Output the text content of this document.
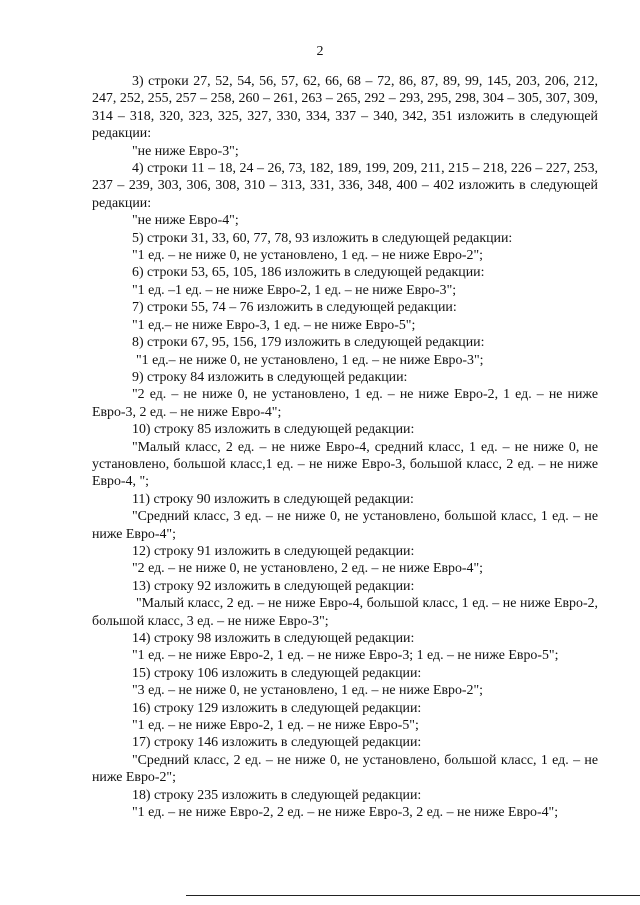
2

3) строки 27, 52, 54, 56, 57, 62, 66, 68 – 72, 86, 87, 89, 99, 145, 203, 206, 212, 247, 252, 255, 257 – 258, 260 – 261, 263 – 265, 292 – 293, 295, 298, 304 – 305, 307, 309, 314 – 318, 320, 323, 325, 327, 330, 334, 337 – 340, 342, 351 изложить в следующей редакции:

"не ниже Евро-3";

4) строки 11 – 18, 24 – 26, 73, 182, 189, 199, 209, 211, 215 – 218, 226 – 227, 253, 237 – 239, 303, 306, 308, 310 – 313, 331, 336, 348, 400 – 402 изложить в следующей редакции:

"не ниже Евро-4";

5) строки 31, 33, 60, 77, 78, 93 изложить в следующей редакции:

"1 ед. – не ниже 0, не установлено, 1 ед. – не ниже Евро-2";

6) строки 53, 65, 105, 186 изложить в следующей редакции:

"1 ед. –1 ед. – не ниже Евро-2, 1 ед. – не ниже Евро-3";

7) строки 55, 74 – 76 изложить в следующей редакции:

"1 ед.– не ниже Евро-3, 1 ед. – не ниже Евро-5";

8) строки 67, 95, 156, 179 изложить в следующей редакции:

"1 ед.– не ниже 0, не установлено, 1 ед. – не ниже Евро-3";

9) строку 84 изложить в следующей редакции:

"2 ед. – не ниже 0, не установлено, 1 ед. – не ниже Евро-2, 1 ед. – не ниже Евро-3, 2 ед. – не ниже Евро-4";

10) строку 85 изложить в следующей редакции:

"Малый класс, 2 ед. – не ниже Евро-4, средний класс, 1 ед. – не ниже 0, не установлено, большой класс,1 ед. – не ниже Евро-3, большой класс, 2 ед. – не ниже Евро-4, ";

11) строку 90 изложить в следующей редакции:

"Средний класс, 3 ед. – не ниже 0, не установлено, большой класс, 1 ед. – не ниже Евро-4";

12) строку 91 изложить в следующей редакции:

"2 ед. – не ниже 0, не установлено, 2 ед. – не ниже Евро-4";

13) строку 92 изложить в следующей редакции:

"Малый класс, 2 ед. – не ниже Евро-4, большой класс, 1 ед. – не ниже Евро-2, большой класс, 3 ед. – не ниже Евро-3";

14) строку 98 изложить в следующей редакции:

"1 ед. – не ниже Евро-2, 1 ед. – не ниже Евро-3; 1 ед. – не ниже Евро-5";

15) строку 106 изложить в следующей редакции:

"3 ед. – не ниже 0, не установлено, 1 ед. – не ниже Евро-2";

16) строку 129 изложить в следующей редакции:

"1 ед. – не ниже Евро-2, 1 ед. – не ниже Евро-5";

17) строку 146 изложить в следующей редакции:

"Средний класс, 2 ед. – не ниже 0, не установлено, большой класс, 1 ед. – не ниже Евро-2";

18) строку 235 изложить в следующей редакции:

"1 ед. – не ниже Евро-2, 2 ед. – не ниже Евро-3, 2 ед. – не ниже Евро-4";
